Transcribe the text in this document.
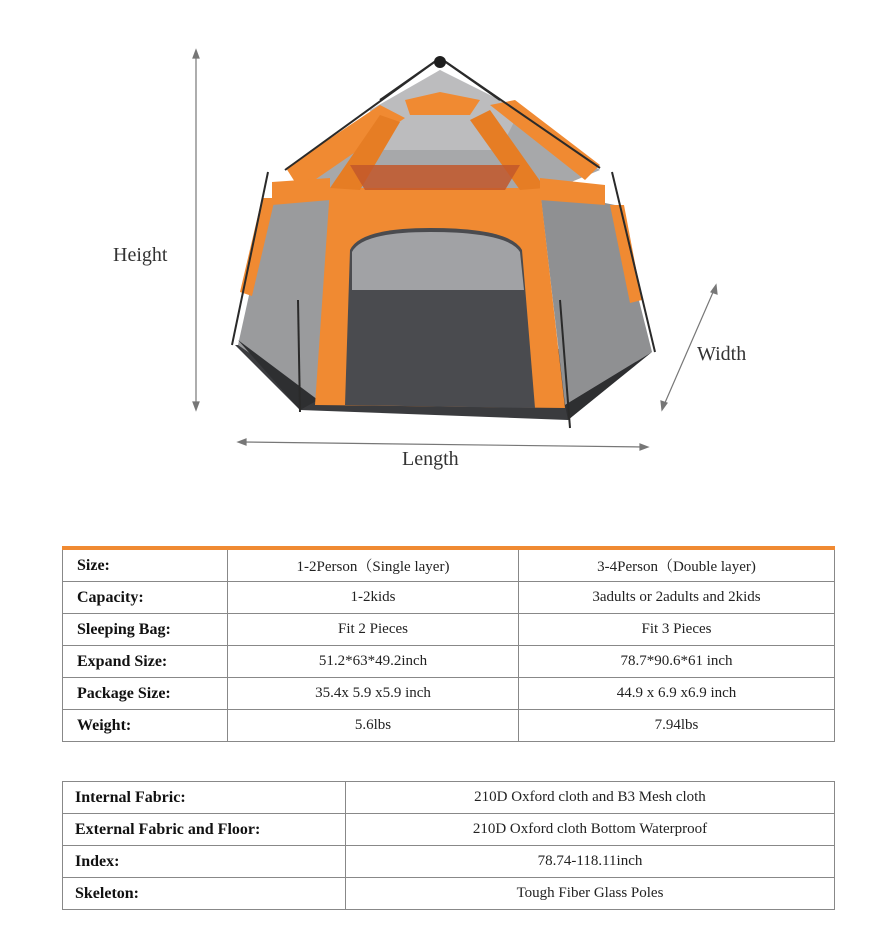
Height
Width
Length
Size:	1-2Person（Single layer)	3-4Person（Double layer)
Capacity:	1-2kids	3adults or 2adults and 2kids
Sleeping Bag:	Fit 2 Pieces	Fit 3 Pieces
Expand Size:	51.2*63*49.2inch	78.7*90.6*61 inch
Package Size:	35.4x 5.9 x5.9 inch	44.9 x 6.9 x6.9 inch
Weight:	5.6lbs	7.94lbs
Internal Fabric:	210D Oxford cloth and B3 Mesh cloth
External Fabric and Floor:	210D Oxford cloth Bottom Waterproof
Index:	78.74-118.11inch
Skeleton:	Tough Fiber Glass Poles
